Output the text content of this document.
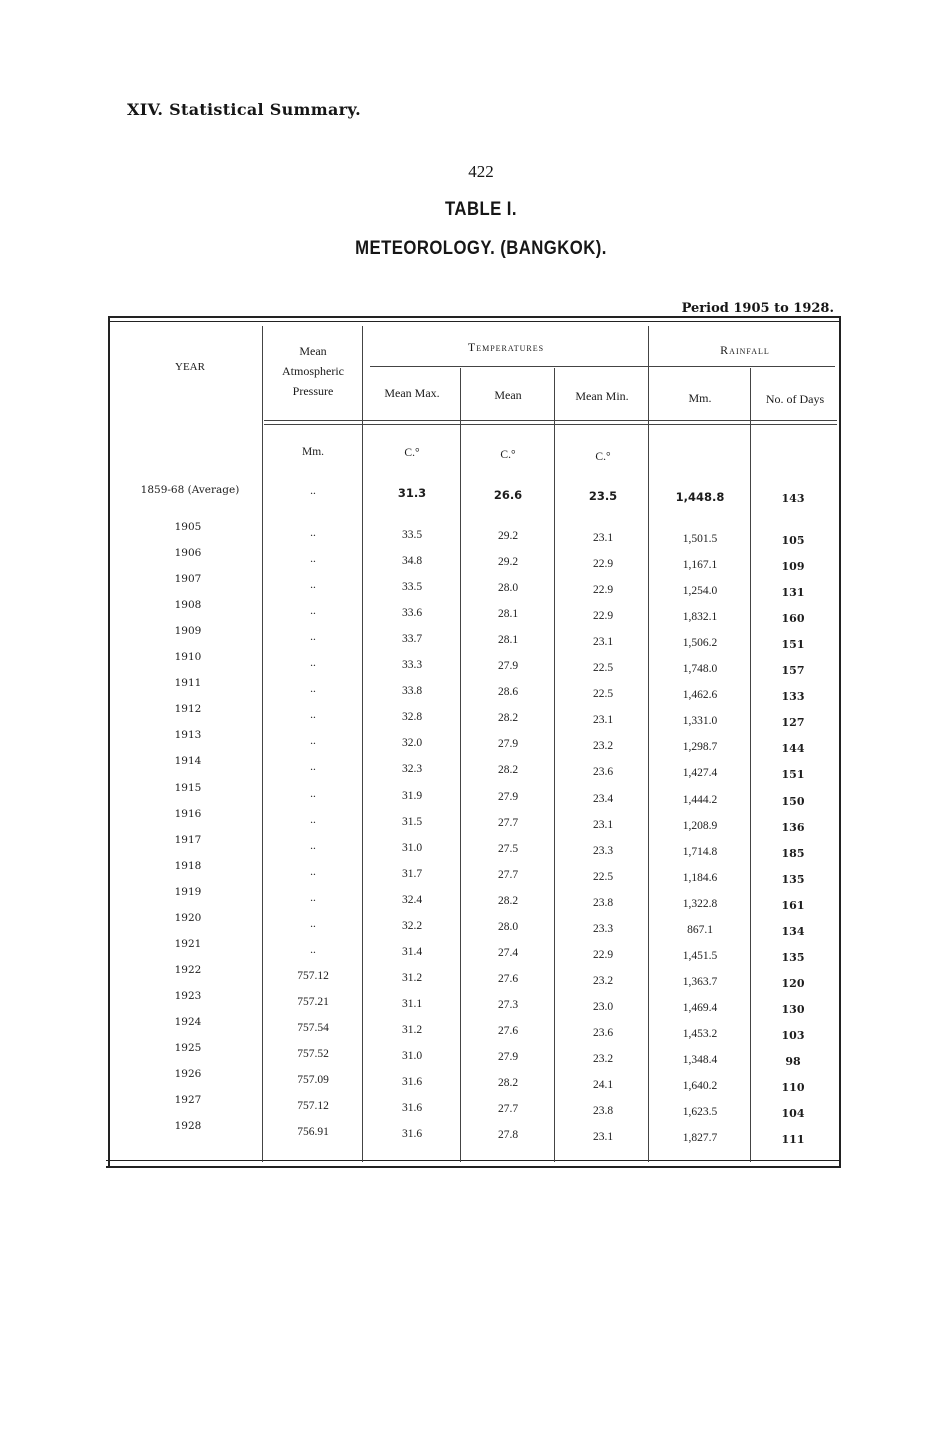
XIV. Statistical Summary.
422
TABLE I.
METEOROLOGY. (BANGKOK).
Period 1905 to 1928.
YEAR
Mean
Atmospheric
Pressure
Temperatures	Rainfall
Mean Max.	Mean	Mean Min.	Mm.	No. of Days
Mm.	C.°	C.°	C.°
1859-68 (Average)	..	31.3	26.6	23.5	1,448.8	143
1905	..	33.5	29.2	23.1	1,501.5	105
1906	..	34.8	29.2	22.9	1,167.1	109
1907	..	33.5	28.0	22.9	1,254.0	131
1908	..	33.6	28.1	22.9	1,832.1	160
1909	..	33.7	28.1	23.1	1,506.2	151
1910	..	33.3	27.9	22.5	1,748.0	157
1911	..	33.8	28.6	22.5	1,462.6	133
1912	..	32.8	28.2	23.1	1,331.0	127
1913	..	32.0	27.9	23.2	1,298.7	144
1914	..	32.3	28.2	23.6	1,427.4	151
1915	..	31.9	27.9	23.4	1,444.2	150
1916	..	31.5	27.7	23.1	1,208.9	136
1917	..	31.0	27.5	23.3	1,714.8	185
1918	..	31.7	27.7	22.5	1,184.6	135
1919	..	32.4	28.2	23.8	1,322.8	161
1920	..	32.2	28.0	23.3	867.1	134
1921	..	31.4	27.4	22.9	1,451.5	135
1922	757.12	31.2	27.6	23.2	1,363.7	120
1923	757.21	31.1	27.3	23.0	1,469.4	130
1924	757.54	31.2	27.6	23.6	1,453.2	103
1925	757.52	31.0	27.9	23.2	1,348.4	98
1926	757.09	31.6	28.2	24.1	1,640.2	110
1927	757.12	31.6	27.7	23.8	1,623.5	104
1928	756.91	31.6	27.8	23.1	1,827.7	111
